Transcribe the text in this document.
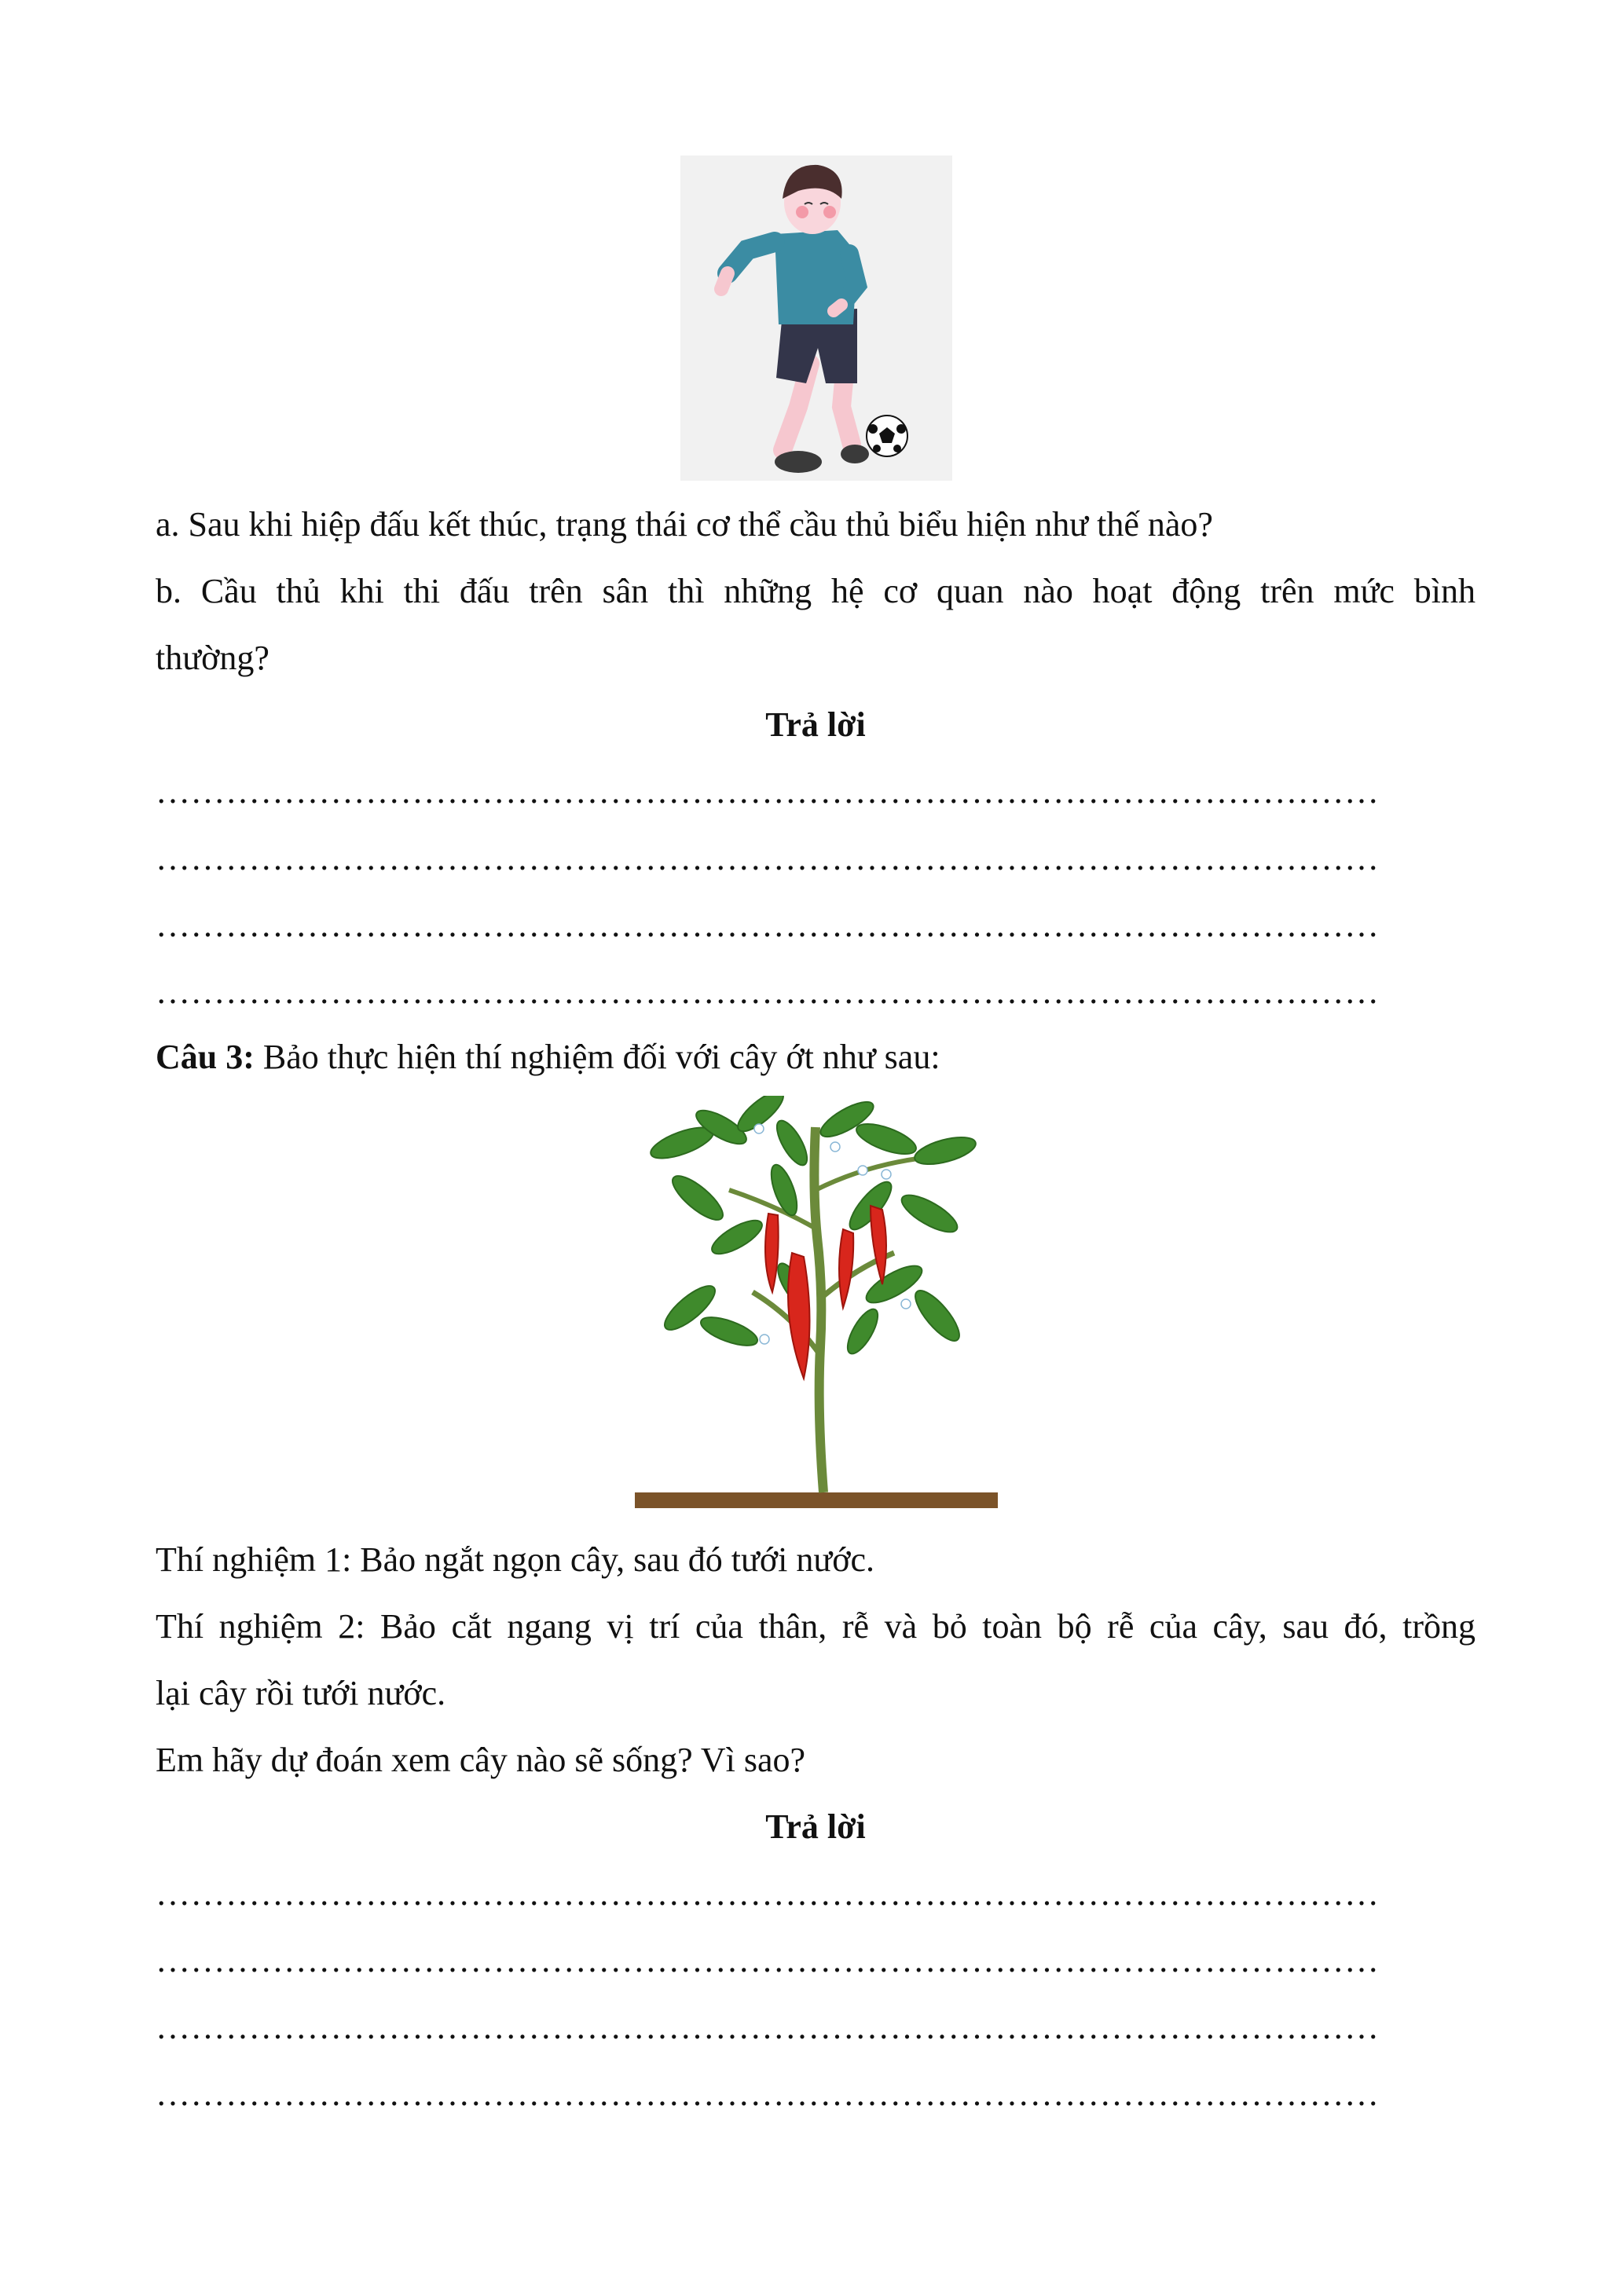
a. Sau khi hiệp đấu kết thúc, trạng thái cơ thể cầu thủ biểu hiện như thế nào?
b. Cầu thủ khi thi đấu trên sân thì những hệ cơ quan nào hoạt động trên mức bình
thường?
Trả lời
……………………………………………………………………………………………
……………………………………………………………………………………………
……………………………………………………………………………………………
……………………………………………………………………………………………
Câu 3: Bảo thực hiện thí nghiệm đối với cây ớt như sau:
Thí nghiệm 1: Bảo ngắt ngọn cây, sau đó tưới nước.
Thí nghiệm 2: Bảo cắt ngang vị trí của thân, rễ và bỏ toàn bộ rễ của cây, sau đó, trồng
lại cây rồi tưới nước.
Em hãy dự đoán xem cây nào sẽ sống? Vì sao?
Trả lời
……………………………………………………………………………………………
……………………………………………………………………………………………
……………………………………………………………………………………………
……………………………………………………………………………………………
